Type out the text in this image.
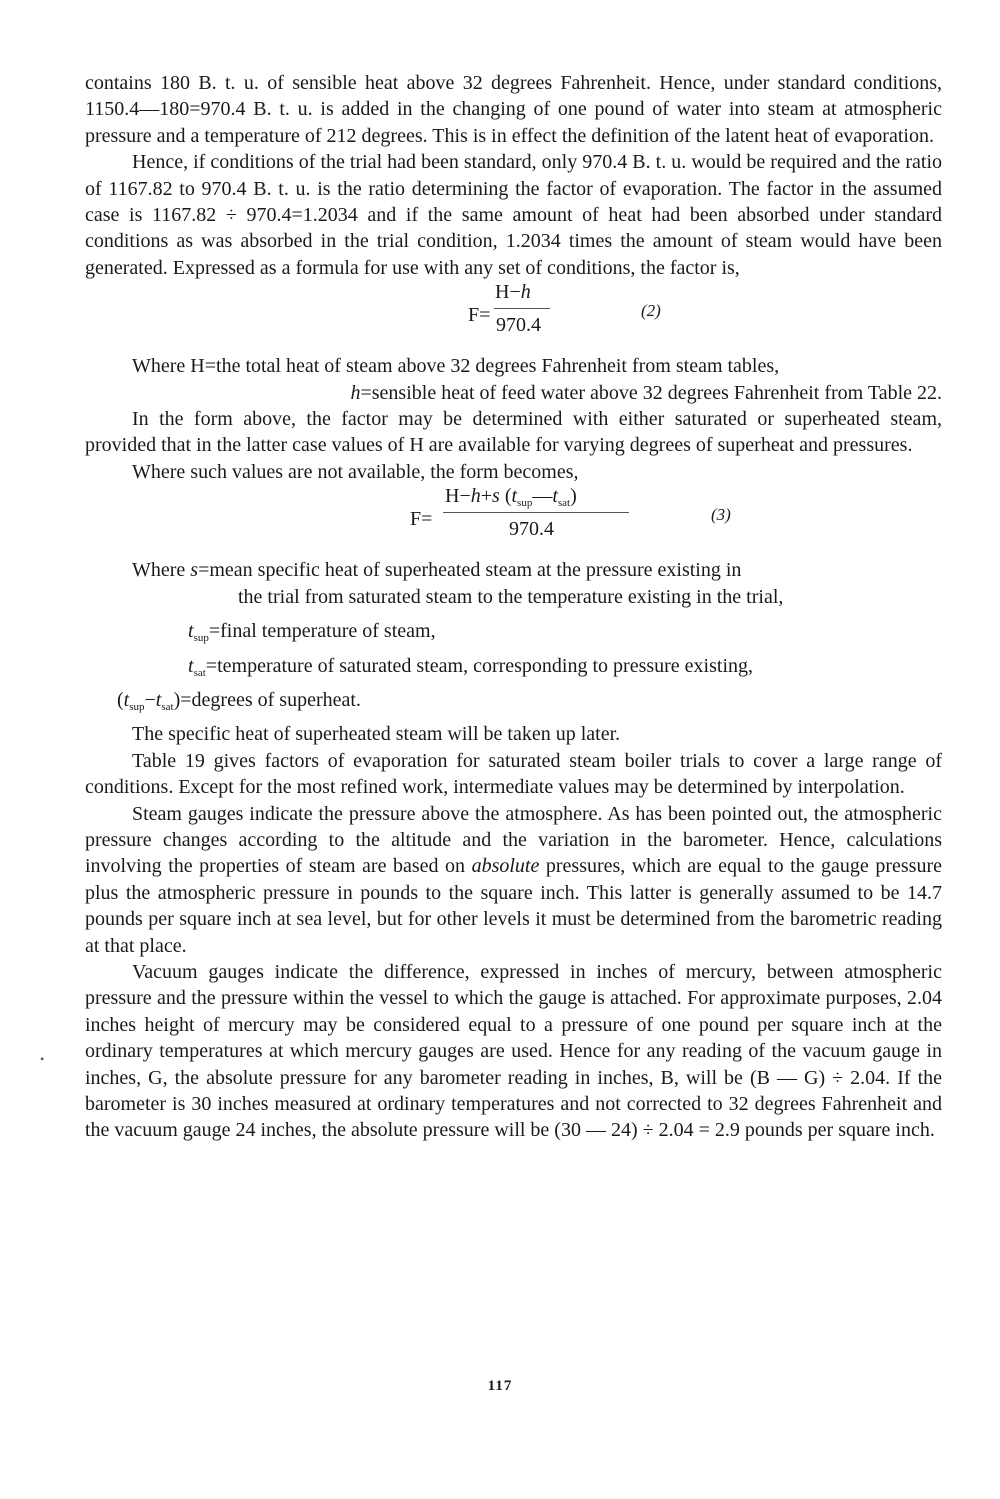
contains 180 B. t. u. of sensible heat above 32 degrees Fahrenheit. Hence, under standard conditions, 1150.4—180=970.4 B. t. u. is added in the changing of one pound of water into steam at atmospheric pressure and a temperature of 212 degrees. This is in effect the definition of the latent heat of evaporation.

Hence, if conditions of the trial had been standard, only 970.4 B. t. u. would be required and the ratio of 1167.82 to 970.4 B. t. u. is the ratio determining the factor of evaporation. The factor in the assumed case is 1167.82 ÷ 970.4=1.2034 and if the same amount of heat had been absorbed under standard conditions as was absorbed in the trial condition, 1.2034 times the amount of steam would have been generated. Expressed as a formula for use with any set of conditions, the factor is,

F=
H−h
970.4
(2)

Where H=the total heat of steam above 32 degrees Fahrenheit from steam tables,

h=sensible heat of feed water above 32 degrees Fahrenheit from Table 22.

In the form above, the factor may be determined with either saturated or superheated steam, provided that in the latter case values of H are available for varying degrees of superheat and pressures.

Where such values are not available, the form becomes,

F=
H−h+s $(t_{sup}—t_{sat})$
970.4
(3)

Where s=mean specific heat of superheated steam at the pressure existing in

the trial from saturated steam to the temperature existing in the trial,

$t_{sup}=final$ temperature of steam,

$t_{sat}=temperature$ of saturated steam, corresponding to pressure existing,

$(t_{sup}-t_{sat})=degrees$ of superheat.

The specific heat of superheated steam will be taken up later.

Table 19 gives factors of evaporation for saturated steam boiler trials to cover a large range of conditions. Except for the most refined work, intermediate values may be determined by interpolation.

Steam gauges indicate the pressure above the atmosphere. As has been pointed out, the atmospheric pressure changes according to the altitude and the variation in the barometer. Hence, calculations involving the properties of steam are based on absolute pressures, which are equal to the gauge pressure plus the atmospheric pressure in pounds to the square inch. This latter is generally assumed to be 14.7 pounds per square inch at sea level, but for other levels it must be determined from the barometric reading at that place.

Vacuum gauges indicate the difference, expressed in inches of mercury, between atmospheric pressure and the pressure within the vessel to which the gauge is attached. For approximate purposes, 2.04 inches height of mercury may be considered equal to a pressure of one pound per square inch at the ordinary temperatures at which mercury gauges are used. Hence for any reading of the vacuum gauge in inches, G, the absolute pressure for any barometer reading in inches, B, will be (B — G) ÷ 2.04. If the barometer is 30 inches measured at ordinary temperatures and not corrected to 32 degrees Fahrenheit and the vacuum gauge 24 inches, the absolute pressure will be (30 — 24) ÷ 2.04 = 2.9 pounds per square inch.

•
117
